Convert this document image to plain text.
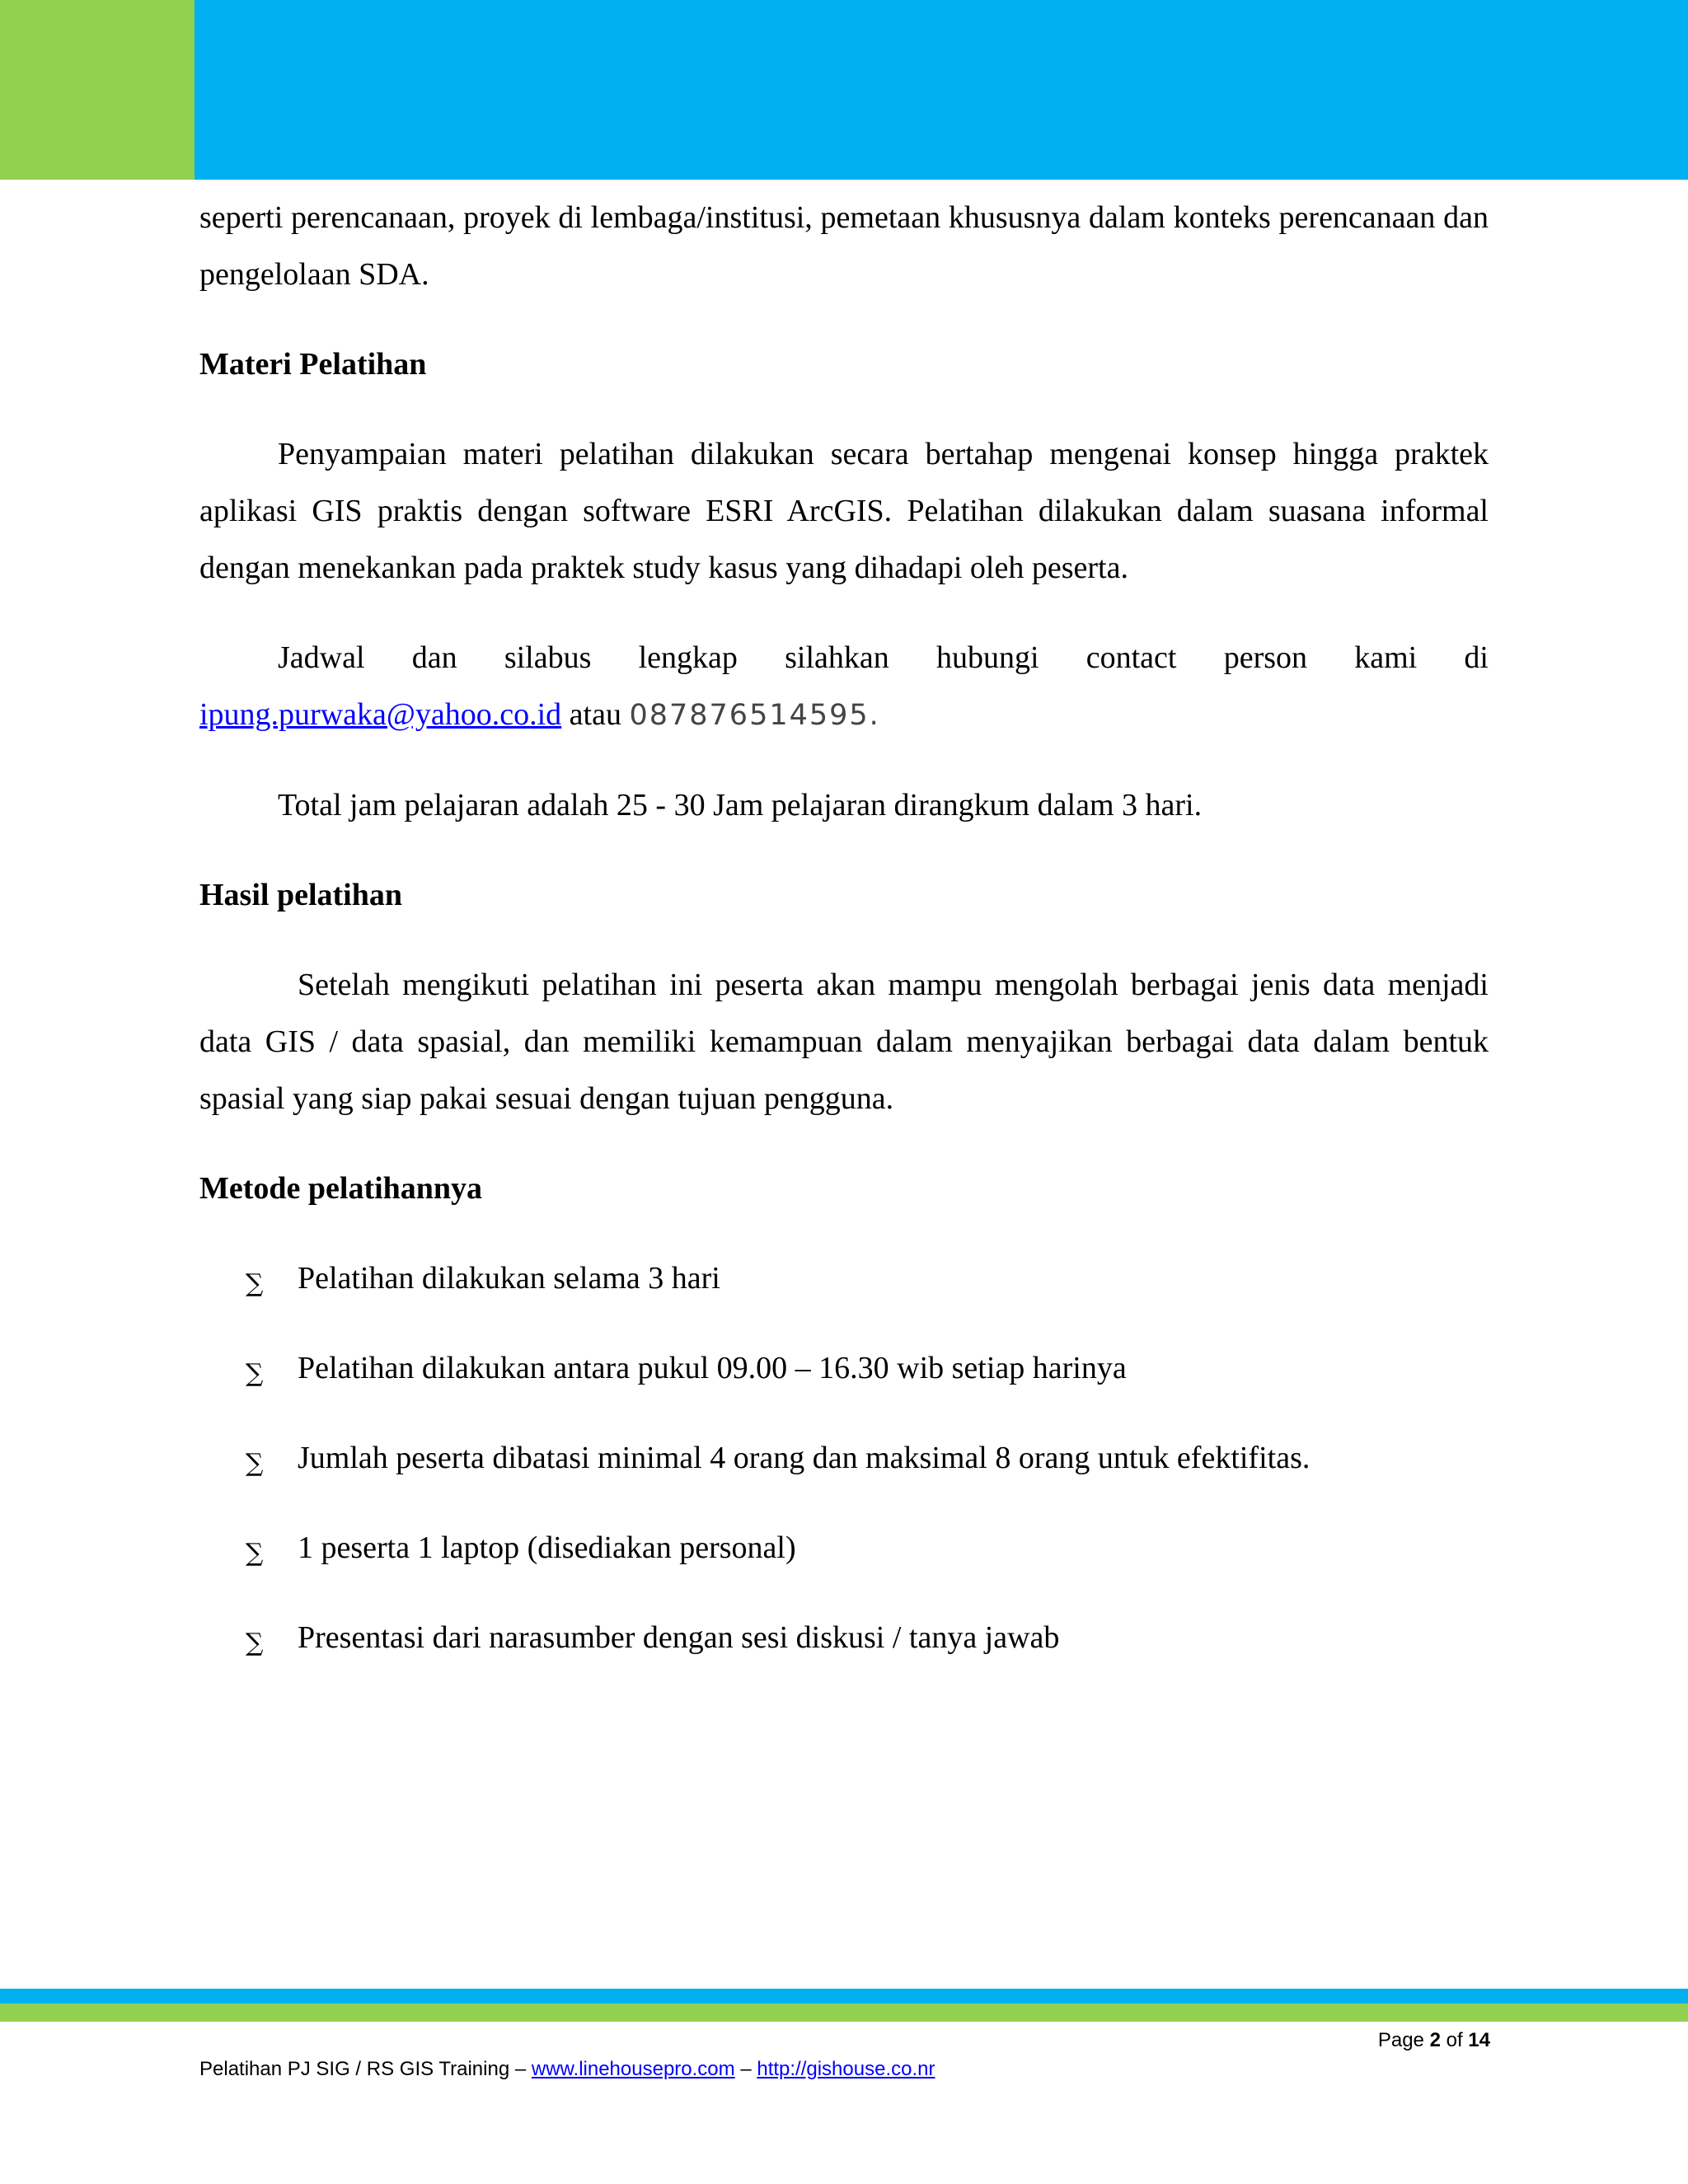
seperti perencanaan, proyek di lembaga/institusi, pemetaan khususnya dalam konteks perencanaan dan pengelolaan SDA.

Materi Pelatihan

Penyampaian materi pelatihan dilakukan secara bertahap mengenai konsep hingga praktek aplikasi GIS praktis dengan software ESRI ArcGIS. Pelatihan dilakukan dalam suasana informal dengan menekankan pada praktek study kasus yang dihadapi oleh peserta.

Jadwal dan silabus lengkap silahkan hubungi contact person kami di ipung.purwaka@yahoo.co.id atau 087876514595.

Total jam pelajaran adalah 25 - 30 Jam pelajaran dirangkum dalam 3 hari.

Hasil pelatihan

Setelah mengikuti pelatihan ini peserta akan mampu mengolah berbagai jenis data menjadi data GIS / data spasial, dan memiliki kemampuan dalam menyajikan berbagai data dalam bentuk spasial yang siap pakai sesuai dengan tujuan pengguna.

Metode pelatihannya

∑ Pelatihan dilakukan selama 3 hari
∑ Pelatihan dilakukan antara pukul 09.00 – 16.30 wib setiap harinya
∑ Jumlah peserta dibatasi minimal 4 orang dan maksimal 8 orang untuk efektifitas.
∑ 1 peserta 1 laptop (disediakan personal)
∑ Presentasi dari narasumber dengan sesi diskusi / tanya jawab
Page 2 of 14
Pelatihan PJ SIG / RS GIS Training – www.linehousepro.com – http://gishouse.co.nr
